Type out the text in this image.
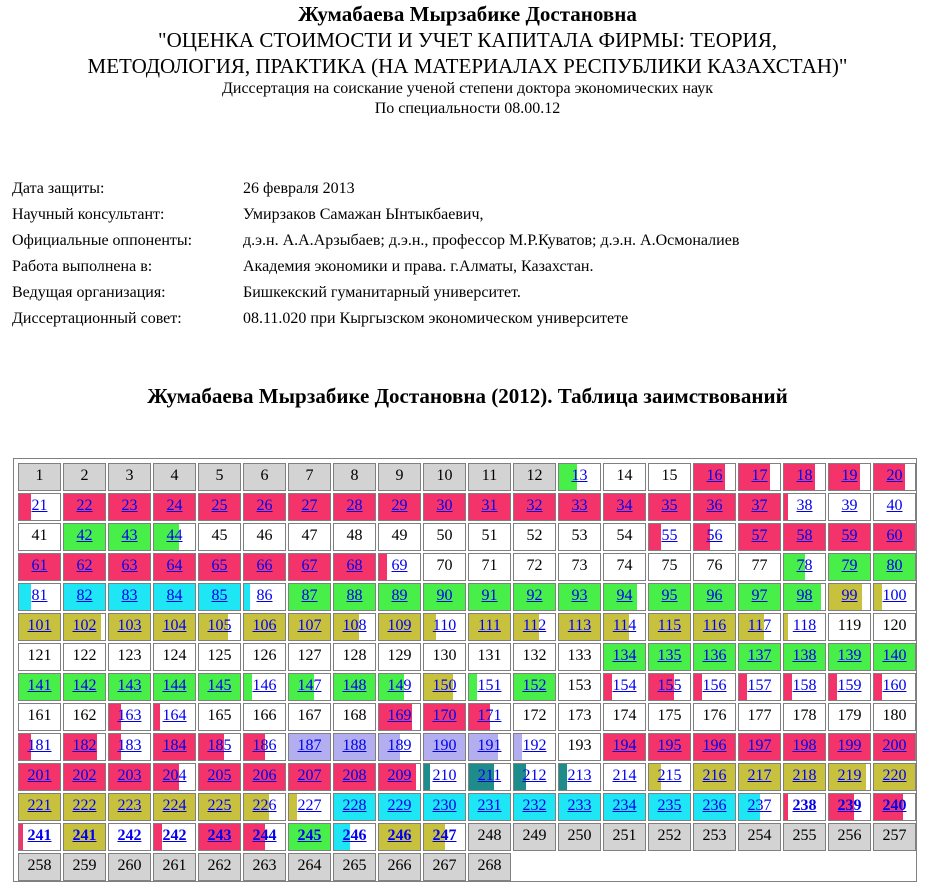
Жумабаева Мырзабике Достановна
"ОЦЕНКА СТОИМОСТИ И УЧЕТ КАПИТАЛА ФИРМЫ: ТЕОРИЯ,
МЕТОДОЛОГИЯ, ПРАКТИКА (НА МАТЕРИАЛАХ РЕСПУБЛИКИ КАЗАХСТАН)"
Диссертация на соискание ученой степени доктора экономических наук
По специальности 08.00.12
Дата защиты:	26 февраля 2013
Научный консультант:	Умирзаков Самажан Ынтыкбаевич,
Официальные оппоненты:	д.э.н. А.А.Арзыбаев; д.э.н., профессор М.Р.Куватов; д.э.н. А.Осмоналиев
Работа выполнена в:	Академия экономики и права. г.Алматы, Казахстан.
Ведущая организация:	Бишкекский гуманитарный университет.
Диссертационный совет:	08.11.020 при Кыргызском экономическом университете
Жумабаева Мырзабике Достановна (2012). Таблица заимствований
1	2	3	4	5	6	7	8	9	10	11	12	13	14	15	16	17	18	19	20
21	22	23	24	25	26	27	28	29	30	31	32	33	34	35	36	37	38	39	40
41	42	43	44	45	46	47	48	49	50	51	52	53	54	55	56	57	58	59	60
61	62	63	64	65	66	67	68	69	70	71	72	73	74	75	76	77	78	79	80
81	82	83	84	85	86	87	88	89	90	91	92	93	94	95	96	97	98	99	100
101	102	103	104	105	106	107	108	109	110	111	112	113	114	115	116	117	118	119	120
121	122	123	124	125	126	127	128	129	130	131	132	133	134	135	136	137	138	139	140
141	142	143	144	145	146	147	148	149	150	151	152	153	154	155	156	157	158	159	160
161	162	163	164	165	166	167	168	169	170	171	172	173	174	175	176	177	178	179	180
181	182	183	184	185	186	187	188	189	190	191	192	193	194	195	196	197	198	199	200
201	202	203	204	205	206	207	208	209	210	211	212	213	214	215	216	217	218	219	220
221	222	223	224	225	226	227	228	229	230	231	232	233	234	235	236	237	238	239	240
241	241	242	242	243	244	245	246	246	247	248	249	250	251	252	253	254	255	256	257
258	259	260	261	262	263	264	265	266	267	268
